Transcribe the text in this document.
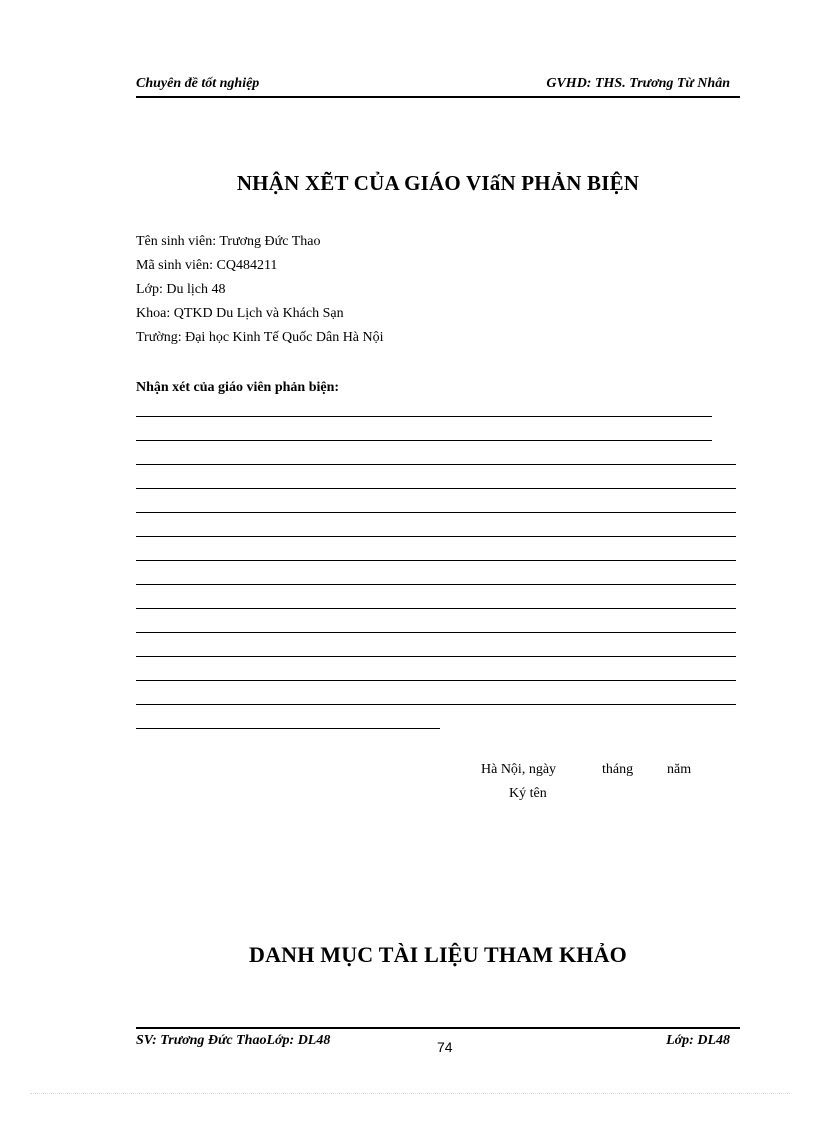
Chuyên đề tốt nghiệp	GVHD: THS. Trương Từ Nhân
NHẬN XẼT CỦA GIÁO VIấN PHẢN BIỆN
Tên sinh viên: Trương Đức Thao
Mã sinh viên: CQ484211
Lớp: Du lịch 48
Khoa: QTKD Du Lịch và Khách Sạn
Trường: Đại học Kinh Tế Quốc Dân Hà Nội
Nhận xét của giáo viên phản biện:
Hà Nội, ngày	tháng năm
Ký tên
DANH MỤC TÀI LIỆU THAM KHẢO
SV: Trương Đức ThaoLớp: DL48	74	Lớp: DL48
